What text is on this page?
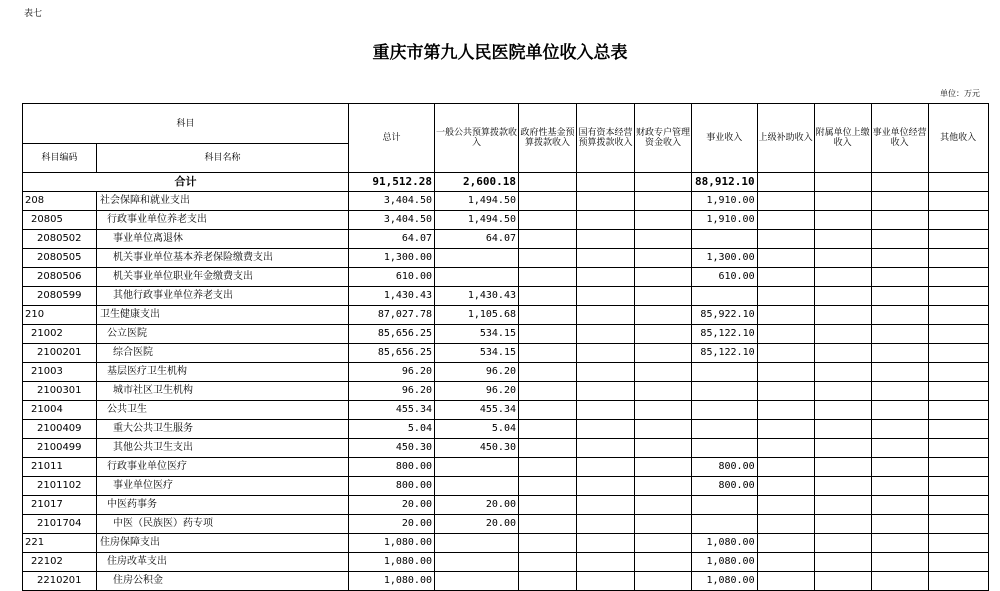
表七
重庆市第九人民医院单位收入总表
单位：万元
科目		总计	一般公共预算拨款收入	政府性基金预算拨款收入	国有资本经营预算拨款收入	财政专户管理资金收入	事业收入	上级补助收入	附属单位上缴收入	事业单位经营收入	其他收入
科目编码	科目名称										
合计		91,512.28	2,600.18				88,912.10				
208	社会保障和就业支出	3,404.50	1,494.50				1,910.00				
20805	行政事业单位养老支出	3,404.50	1,494.50				1,910.00				
2080502	事业单位离退休	64.07	64.07								
2080505	机关事业单位基本养老保险缴费支出	1,300.00					1,300.00				
2080506	机关事业单位职业年金缴费支出	610.00					610.00				
2080599	其他行政事业单位养老支出	1,430.43	1,430.43								
210	卫生健康支出	87,027.78	1,105.68				85,922.10				
21002	公立医院	85,656.25	534.15				85,122.10				
2100201	综合医院	85,656.25	534.15				85,122.10				
21003	基层医疗卫生机构	96.20	96.20								
2100301	城市社区卫生机构	96.20	96.20								
21004	公共卫生	455.34	455.34								
2100409	重大公共卫生服务	5.04	5.04								
2100499	其他公共卫生支出	450.30	450.30								
21011	行政事业单位医疗	800.00					800.00				
2101102	事业单位医疗	800.00					800.00				
21017	中医药事务	20.00	20.00								
2101704	中医（民族医）药专项	20.00	20.00								
221	住房保障支出	1,080.00					1,080.00				
22102	住房改革支出	1,080.00					1,080.00				
2210201	住房公积金	1,080.00					1,080.00				
